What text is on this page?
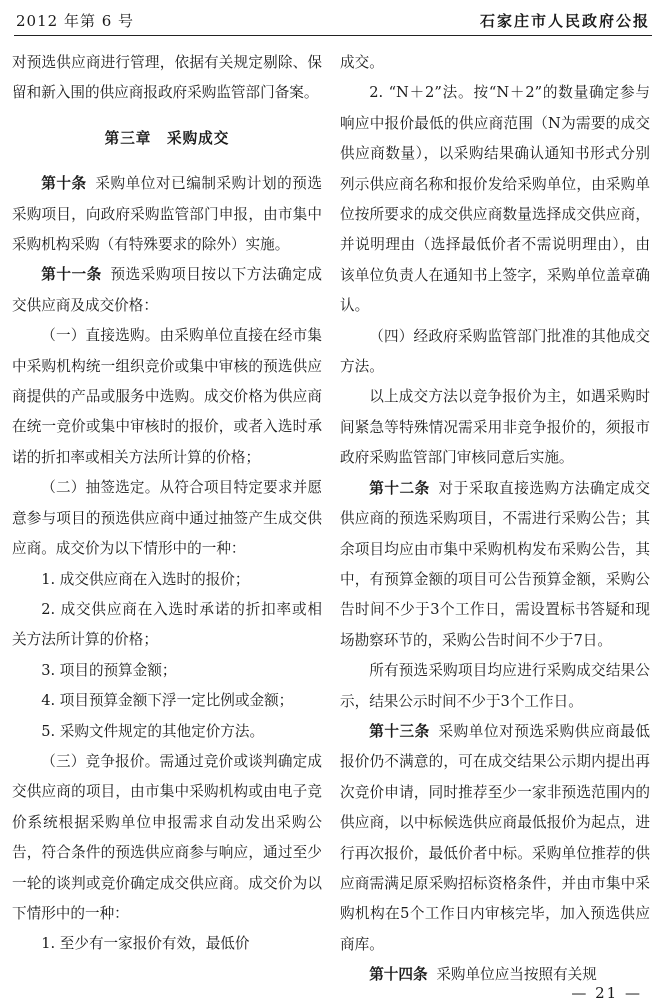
2012 年第 6 号	石家庄市人民政府公报

对预选供应商进行管理，依据有关规定剔除、保留和新入围的供应商报政府采购监管部门备案。

第三章　采购成交

第十条 采购单位对已编制采购计划的预选采购项目，向政府采购监管部门申报，由市集中采购机构采购（有特殊要求的除外）实施。

第十一条 预选采购项目按以下方法确定成交供应商及成交价格：

（一）直接选购。由采购单位直接在经市集中采购机构统一组织竞价或集中审核的预选供应商提供的产品或服务中选购。成交价格为供应商在统一竞价或集中审核时的报价，或者入选时承诺的折扣率或相关方法所计算的价格；

（二）抽签选定。从符合项目特定要求并愿意参与项目的预选供应商中通过抽签产生成交供应商。成交价为以下情形中的一种：

1. 成交供应商在入选时的报价；

2. 成交供应商在入选时承诺的折扣率或相关方法所计算的价格；

3. 项目的预算金额；

4. 项目预算金额下浮一定比例或金额；

5. 采购文件规定的其他定价方法。

（三）竞争报价。需通过竞价或谈判确定成交供应商的项目，由市集中采购机构或由电子竞价系统根据采购单位申报需求自动发出采购公告，符合条件的预选供应商参与响应，通过至少一轮的谈判或竞价确定成交供应商。成交价为以下情形中的一种：

1. 至少有一家报价有效，最低价

成交。

2. “N＋2”法。按“N＋2”的数量确定参与响应中报价最低的供应商范围（N为需要的成交供应商数量），以采购结果确认通知书形式分别列示供应商名称和报价发给采购单位，由采购单位按所要求的成交供应商数量选择成交供应商，并说明理由（选择最低价者不需说明理由），由该单位负责人在通知书上签字，采购单位盖章确认。

（四）经政府采购监管部门批准的其他成交方法。

以上成交方法以竞争报价为主，如遇采购时间紧急等特殊情况需采用非竞争报价的，须报市政府采购监管部门审核同意后实施。

第十二条 对于采取直接选购方法确定成交供应商的预选采购项目，不需进行采购公告；其余项目均应由市集中采购机构发布采购公告，其中，有预算金额的项目可公告预算金额，采购公告时间不少于3个工作日，需设置标书答疑和现场勘察环节的，采购公告时间不少于7日。

所有预选采购项目均应进行采购成交结果公示，结果公示时间不少于3个工作日。

第十三条 采购单位对预选采购供应商最低报价仍不满意的，可在成交结果公示期内提出再次竞价申请，同时推荐至少一家非预选范围内的供应商，以中标候选供应商最低报价为起点，进行再次报价，最低价者中标。采购单位推荐的供应商需满足原采购招标资格条件，并由市集中采购机构在5个工作日内审核完毕，加入预选供应商库。

第十四条 采购单位应当按照有关规

— 21 —
